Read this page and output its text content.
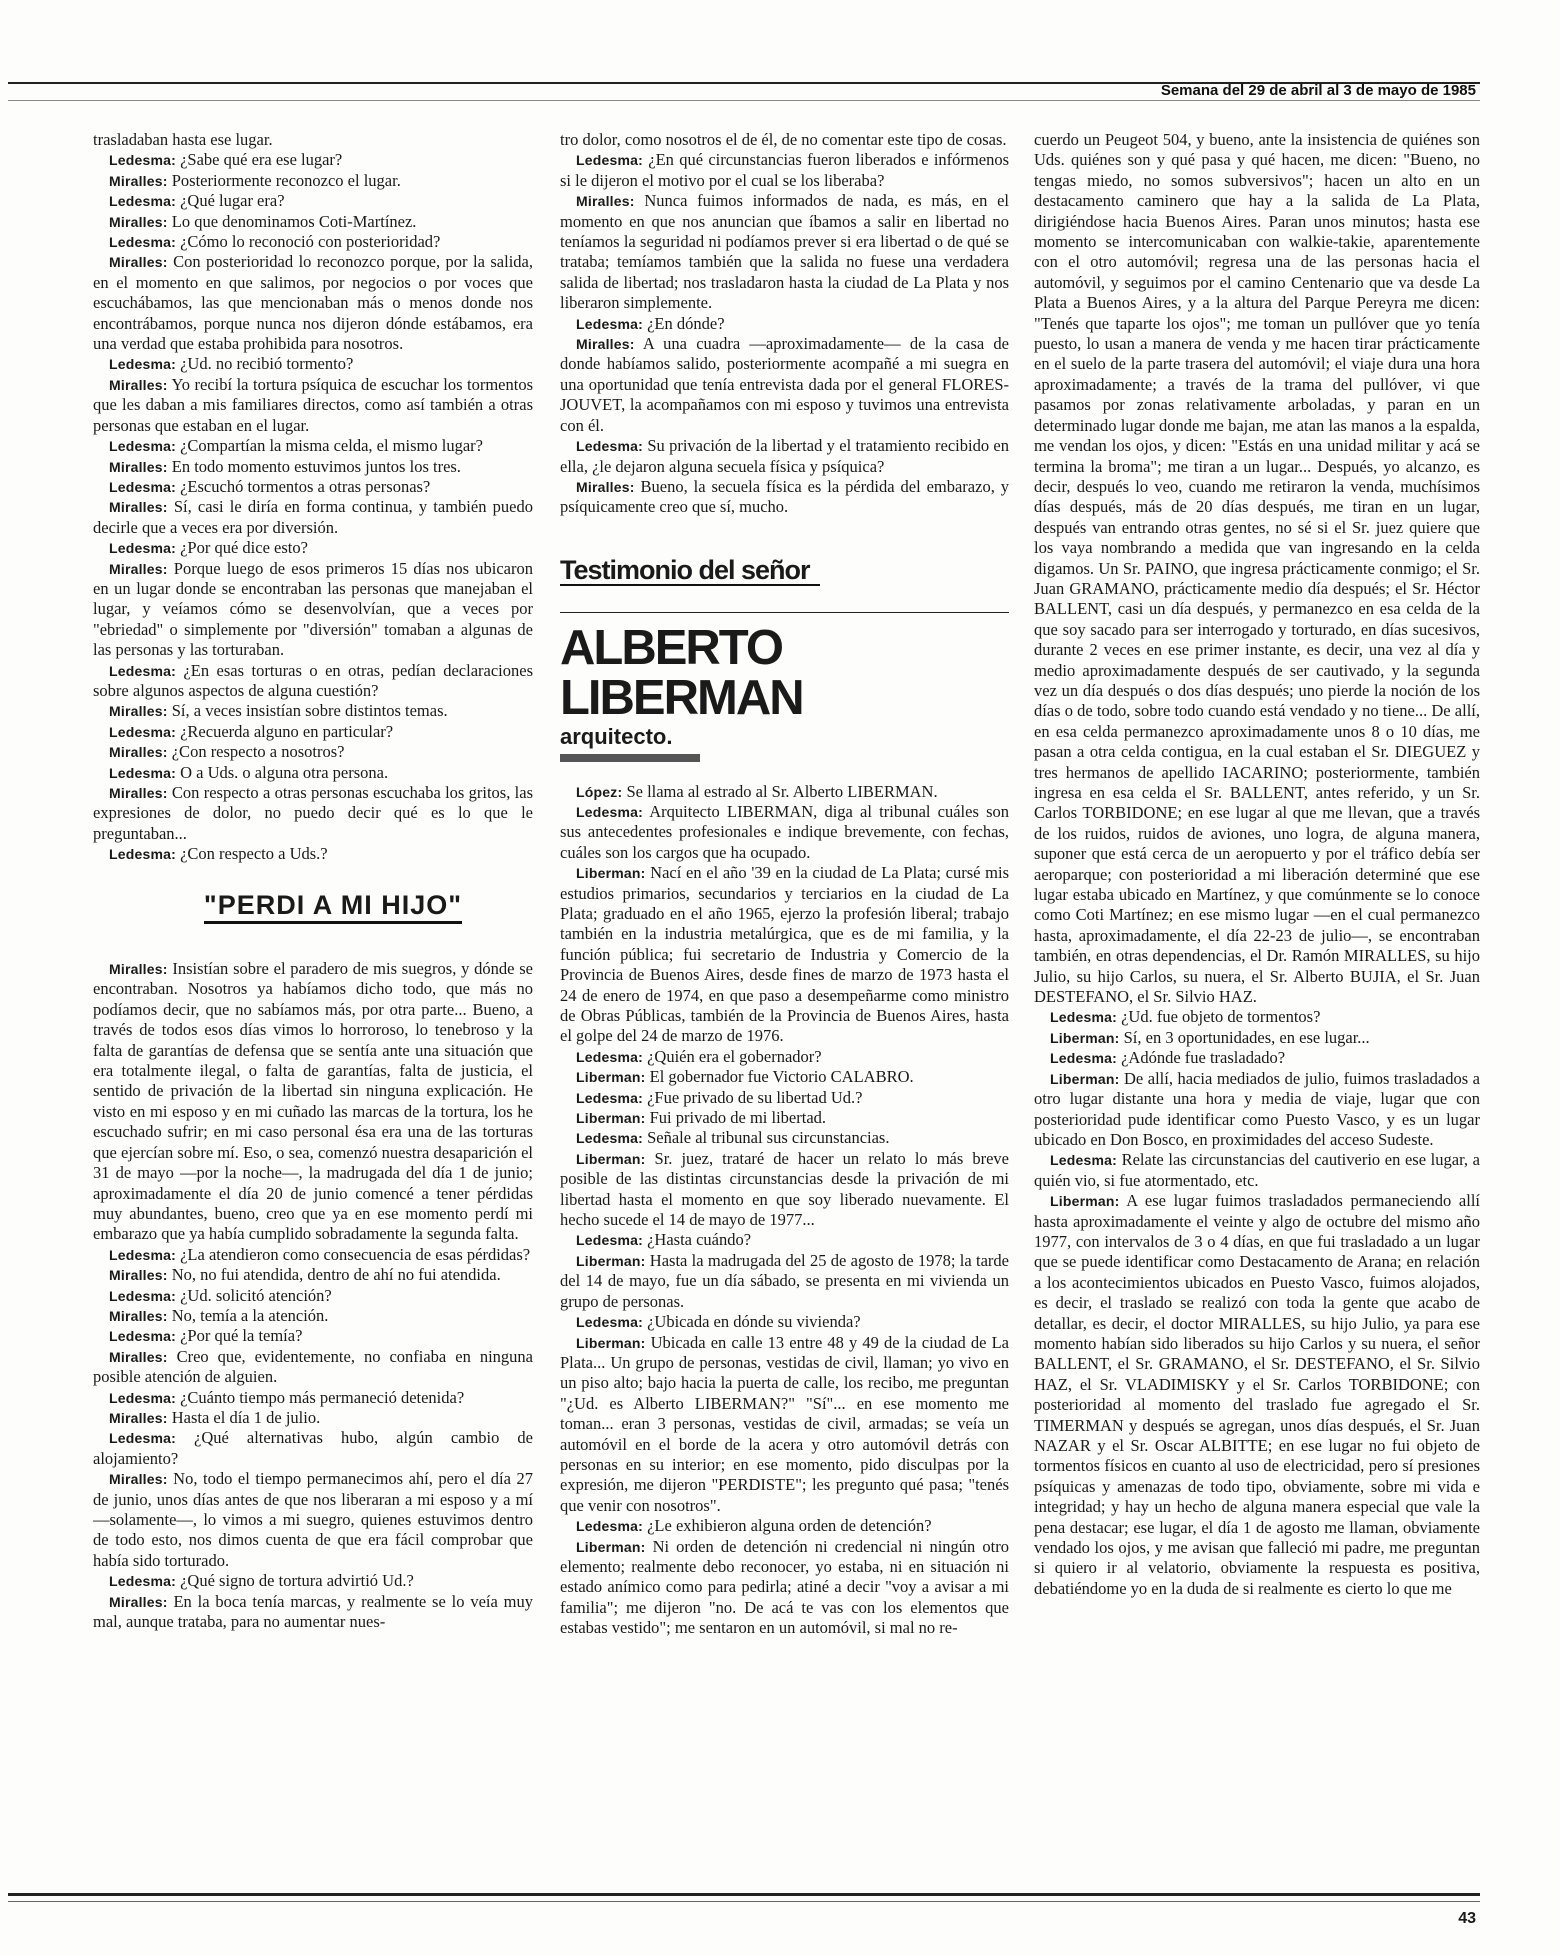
Semana del 29 de abril al 3 de mayo de 1985

trasladaban hasta ese lugar.

Ledesma: ¿Sabe qué era ese lugar?

Miralles: Posteriormente reconozco el lugar.

Ledesma: ¿Qué lugar era?

Miralles: Lo que denominamos Coti-Martínez.

Ledesma: ¿Cómo lo reconoció con posterioridad?

Miralles: Con posterioridad lo reconozco porque, por la salida, en el momento en que salimos, por negocios o por voces que escuchábamos, las que mencionaban más o menos donde nos encontrábamos, porque nunca nos dijeron dónde estábamos, era una verdad que estaba prohibida para nosotros.

Ledesma: ¿Ud. no recibió tormento?

Miralles: Yo recibí la tortura psíquica de escuchar los tormentos que les daban a mis familiares directos, como así también a otras personas que estaban en el lugar.

Ledesma: ¿Compartían la misma celda, el mismo lugar?

Miralles: En todo momento estuvimos juntos los tres.

Ledesma: ¿Escuchó tormentos a otras personas?

Miralles: Sí, casi le diría en forma continua, y también puedo decirle que a veces era por diversión.

Ledesma: ¿Por qué dice esto?

Miralles: Porque luego de esos primeros 15 días nos ubicaron en un lugar donde se encontraban las personas que manejaban el lugar, y veíamos cómo se desenvolvían, que a veces por "ebriedad" o simplemente por "diversión" tomaban a algunas de las personas y las torturaban.

Ledesma: ¿En esas torturas o en otras, pedían declaraciones sobre algunos aspectos de alguna cuestión?

Miralles: Sí, a veces insistían sobre distintos temas.

Ledesma: ¿Recuerda alguno en particular?

Miralles: ¿Con respecto a nosotros?

Ledesma: O a Uds. o alguna otra persona.

Miralles: Con respecto a otras personas escuchaba los gritos, las expresiones de dolor, no puedo decir qué es lo que le preguntaban...

Ledesma: ¿Con respecto a Uds.?

"PERDI A MI HIJO"

Miralles: Insistían sobre el paradero de mis suegros, y dónde se encontraban. Nosotros ya habíamos dicho todo, que más no podíamos decir, que no sabíamos más, por otra parte... Bueno, a través de todos esos días vimos lo horroroso, lo tenebroso y la falta de garantías de defensa que se sentía ante una situación que era totalmente ilegal, o falta de garantías, falta de justicia, el sentido de privación de la libertad sin ninguna explicación. He visto en mi esposo y en mi cuñado las marcas de la tortura, los he escuchado sufrir; en mi caso personal ésa era una de las torturas que ejercían sobre mí. Eso, o sea, comenzó nuestra desaparición el 31 de mayo —por la noche—, la madrugada del día 1 de junio; aproximadamente el día 20 de junio comencé a tener pérdidas muy abundantes, bueno, creo que ya en ese momento perdí mi embarazo que ya había cumplido sobradamente la segunda falta.

Ledesma: ¿La atendieron como consecuencia de esas pérdidas?

Miralles: No, no fui atendida, dentro de ahí no fui atendida.

Ledesma: ¿Ud. solicitó atención?

Miralles: No, temía a la atención.

Ledesma: ¿Por qué la temía?

Miralles: Creo que, evidentemente, no confiaba en ninguna posible atención de alguien.

Ledesma: ¿Cuánto tiempo más permaneció detenida?

Miralles: Hasta el día 1 de julio.

Ledesma: ¿Qué alternativas hubo, algún cambio de alojamiento?

Miralles: No, todo el tiempo permanecimos ahí, pero el día 27 de junio, unos días antes de que nos liberaran a mi esposo y a mí —solamente—, lo vimos a mi suegro, quienes estuvimos dentro de todo esto, nos dimos cuenta de que era fácil comprobar que había sido torturado.

Ledesma: ¿Qué signo de tortura advirtió Ud.?

Miralles: En la boca tenía marcas, y realmente se lo veía muy mal, aunque trataba, para no aumentar nues-

tro dolor, como nosotros el de él, de no comentar este tipo de cosas.

Ledesma: ¿En qué circunstancias fueron liberados e infórmenos si le dijeron el motivo por el cual se los liberaba?

Miralles: Nunca fuimos informados de nada, es más, en el momento en que nos anuncian que íbamos a salir en libertad no teníamos la seguridad ni podíamos prever si era libertad o de qué se trataba; temíamos también que la salida no fuese una verdadera salida de libertad; nos trasladaron hasta la ciudad de La Plata y nos liberaron simplemente.

Ledesma: ¿En dónde?

Miralles: A una cuadra —aproximadamente— de la casa de donde habíamos salido, posteriormente acompañé a mi suegra en una oportunidad que tenía entrevista dada por el general FLORES-JOUVET, la acompañamos con mi esposo y tuvimos una entrevista con él.

Ledesma: Su privación de la libertad y el tratamiento recibido en ella, ¿le dejaron alguna secuela física y psíquica?

Miralles: Bueno, la secuela física es la pérdida del embarazo, y psíquicamente creo que sí, mucho.

Testimonio del señor
ALBERTO LIBERMAN
arquitecto.

López: Se llama al estrado al Sr. Alberto LIBERMAN.

Ledesma: Arquitecto LIBERMAN, diga al tribunal cuáles son sus antecedentes profesionales e indique brevemente, con fechas, cuáles son los cargos que ha ocupado.

Liberman: Nací en el año '39 en la ciudad de La Plata; cursé mis estudios primarios, secundarios y terciarios en la ciudad de La Plata; graduado en el año 1965, ejerzo la profesión liberal; trabajo también en la industria metalúrgica, que es de mi familia, y la función pública; fui secretario de Industria y Comercio de la Provincia de Buenos Aires, desde fines de marzo de 1973 hasta el 24 de enero de 1974, en que paso a desempeñarme como ministro de Obras Públicas, también de la Provincia de Buenos Aires, hasta el golpe del 24 de marzo de 1976.

Ledesma: ¿Quién era el gobernador?

Liberman: El gobernador fue Victorio CALABRO.

Ledesma: ¿Fue privado de su libertad Ud.?

Liberman: Fui privado de mi libertad.

Ledesma: Señale al tribunal sus circunstancias.

Liberman: Sr. juez, trataré de hacer un relato lo más breve posible de las distintas circunstancias desde la privación de mi libertad hasta el momento en que soy liberado nuevamente. El hecho sucede el 14 de mayo de 1977...

Ledesma: ¿Hasta cuándo?

Liberman: Hasta la madrugada del 25 de agosto de 1978; la tarde del 14 de mayo, fue un día sábado, se presenta en mi vivienda un grupo de personas.

Ledesma: ¿Ubicada en dónde su vivienda?

Liberman: Ubicada en calle 13 entre 48 y 49 de la ciudad de La Plata... Un grupo de personas, vestidas de civil, llaman; yo vivo en un piso alto; bajo hacia la puerta de calle, los recibo, me preguntan "¿Ud. es Alberto LIBERMAN?" "Sí"... en ese momento me toman... eran 3 personas, vestidas de civil, armadas; se veía un automóvil en el borde de la acera y otro automóvil detrás con personas en su interior; en ese momento, pido disculpas por la expresión, me dijeron "PERDISTE"; les pregunto qué pasa; "tenés que venir con nosotros".

Ledesma: ¿Le exhibieron alguna orden de detención?

Liberman: Ni orden de detención ni credencial ni ningún otro elemento; realmente debo reconocer, yo estaba, ni en situación ni estado anímico como para pedirla; atiné a decir "voy a avisar a mi familia"; me dijeron "no. De acá te vas con los elementos que estabas vestido"; me sentaron en un automóvil, si mal no re-

cuerdo un Peugeot 504, y bueno, ante la insistencia de quiénes son Uds. quiénes son y qué pasa y qué hacen, me dicen: "Bueno, no tengas miedo, no somos subversivos"; hacen un alto en un destacamento caminero que hay a la salida de La Plata, dirigiéndose hacia Buenos Aires. Paran unos minutos; hasta ese momento se intercomunicaban con walkie-takie, aparentemente con el otro automóvil; regresa una de las personas hacia el automóvil, y seguimos por el camino Centenario que va desde La Plata a Buenos Aires, y a la altura del Parque Pereyra me dicen: "Tenés que taparte los ojos"; me toman un pullóver que yo tenía puesto, lo usan a manera de venda y me hacen tirar prácticamente en el suelo de la parte trasera del automóvil; el viaje dura una hora aproximadamente; a través de la trama del pullóver, vi que pasamos por zonas relativamente arboladas, y paran en un determinado lugar donde me bajan, me atan las manos a la espalda, me vendan los ojos, y dicen: "Estás en una unidad militar y acá se termina la broma"; me tiran a un lugar... Después, yo alcanzo, es decir, después lo veo, cuando me retiraron la venda, muchísimos días después, más de 20 días después, me tiran en un lugar, después van entrando otras gentes, no sé si el Sr. juez quiere que los vaya nombrando a medida que van ingresando en la celda digamos. Un Sr. PAINO, que ingresa prácticamente conmigo; el Sr. Juan GRAMANO, prácticamente medio día después; el Sr. Héctor BALLENT, casi un día después, y permanezco en esa celda de la que soy sacado para ser interrogado y torturado, en días sucesivos, durante 2 veces en ese primer instante, es decir, una vez al día y medio aproximadamente después de ser cautivado, y la segunda vez un día después o dos días después; uno pierde la noción de los días o de todo, sobre todo cuando está vendado y no tiene... De allí, en esa celda permanezco aproximadamente unos 8 o 10 días, me pasan a otra celda contigua, en la cual estaban el Sr. DIEGUEZ y tres hermanos de apellido IACARINO; posteriormente, también ingresa en esa celda el Sr. BALLENT, antes referido, y un Sr. Carlos TORBIDONE; en ese lugar al que me llevan, que a través de los ruidos, ruidos de aviones, uno logra, de alguna manera, suponer que está cerca de un aeropuerto y por el tráfico debía ser aeroparque; con posterioridad a mi liberación determiné que ese lugar estaba ubicado en Martínez, y que comúnmente se lo conoce como Coti Martínez; en ese mismo lugar —en el cual permanezco hasta, aproximadamente, el día 22-23 de julio—, se encontraban también, en otras dependencias, el Dr. Ramón MIRALLES, su hijo Julio, su hijo Carlos, su nuera, el Sr. Alberto BUJIA, el Sr. Juan DESTEFANO, el Sr. Silvio HAZ.

Ledesma: ¿Ud. fue objeto de tormentos?

Liberman: Sí, en 3 oportunidades, en ese lugar...

Ledesma: ¿Adónde fue trasladado?

Liberman: De allí, hacia mediados de julio, fuimos trasladados a otro lugar distante una hora y media de viaje, lugar que con posterioridad pude identificar como Puesto Vasco, y es un lugar ubicado en Don Bosco, en proximidades del acceso Sudeste.

Ledesma: Relate las circunstancias del cautiverio en ese lugar, a quién vio, si fue atormentado, etc.

Liberman: A ese lugar fuimos trasladados permaneciendo allí hasta aproximadamente el veinte y algo de octubre del mismo año 1977, con intervalos de 3 o 4 días, en que fui trasladado a un lugar que se puede identificar como Destacamento de Arana; en relación a los acontecimientos ubicados en Puesto Vasco, fuimos alojados, es decir, el traslado se realizó con toda la gente que acabo de detallar, es decir, el doctor MIRALLES, su hijo Julio, ya para ese momento habían sido liberados su hijo Carlos y su nuera, el señor BALLENT, el Sr. GRAMANO, el Sr. DESTEFANO, el Sr. Silvio HAZ, el Sr. VLADIMISKY y el Sr. Carlos TORBIDONE; con posterioridad al momento del traslado fue agregado el Sr. TIMERMAN y después se agregan, unos días después, el Sr. Juan NAZAR y el Sr. Oscar ALBITTE; en ese lugar no fui objeto de tormentos físicos en cuanto al uso de electricidad, pero sí presiones psíquicas y amenazas de todo tipo, obviamente, sobre mi vida e integridad; y hay un hecho de alguna manera especial que vale la pena destacar; ese lugar, el día 1 de agosto me llaman, obviamente vendado los ojos, y me avisan que falleció mi padre, me preguntan si quiero ir al velatorio, obviamente la respuesta es positiva, debatiéndome yo en la duda de si realmente es cierto lo que me

43
